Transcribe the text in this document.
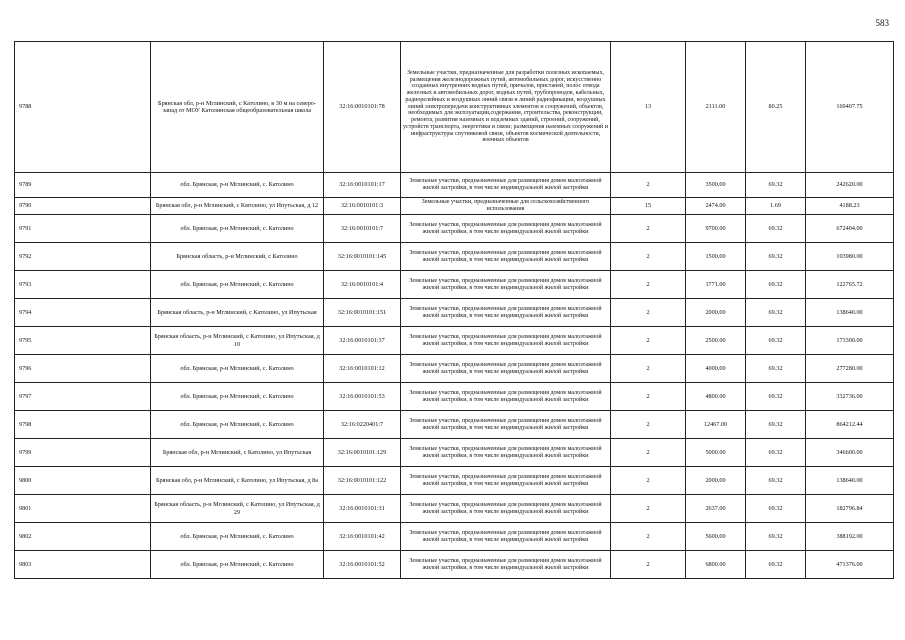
583
9788	Брянская обл, р-н Мглинский, с Католино, в 30 м на северо-запад от МОУ Католинская общеобразовательная школа	32:16:0010101:78	Земельные участки, предназначенные для разработки полезных ископаемых, размещения железнодорожных путей, автомобильных дорог, искусственно созданных внутренних водных путей, причалов, пристаней, полос отвода железных и автомобильных дорог, водных путей, трубопроводов, кабельных, радиорелейных и воздушных линий связи и линий радиофикации, воздушных линий электропередачи конструктивных элементов и сооружений, объектов, необходимых для эксплуатации,содержания, строительства, реконструкции, ремонта, развития наземных и подземных зданий, строений, сооружений, устройств транспорта, энергетики и связи; размещения наземных сооружений и инфраструктуры спутниковой связи, объектов космической деятельности, военных объектов	13	2111.00	80.25	169407.75
9789	обл. Брянская, р-н Мглинский, с. Католино	32:16:0010101:17	Земельные участки, предназначенные для размещения домов малоэтажной жилой застройки, в том числе индивидуальной жилой застройки	2	3500.00	69.32	242620.00
9790	Брянская обл, р-н Мглинский, с Католино, ул Ипутьская, д 12	32:16:0010101:3	Земельные участки, предназначенные для сельскохозяйственного использования	15	2474.00	1.69	4188.23
9791	обл. Брянская, р-н Мглинский, с. Католино	32:16:0010101:7	Земельные участки, предназначенные для размещения домов малоэтажной жилой застройки, в том числе индивидуальной жилой застройки	2	9700.00	69.32	672404.00
9792	Брянская область, р-н Мглинский, с Католино	32:16:0010101:145	Земельные участки, предназначенные для размещения домов малоэтажной жилой застройки, в том числе индивидуальной жилой застройки	2	1500.00	69.32	103980.00
9793	обл. Брянская, р-н Мглинский, с. Католино	32:16:0010101:4	Земельные участки, предназначенные для размещения домов малоэтажной жилой застройки, в том числе индивидуальной жилой застройки	2	1771.00	69.32	122765.72
9794	Брянская область, р-н Мглинский, с Католино, ул Ипутьская	32:16:0010101:151	Земельные участки, предназначенные для размещения домов малоэтажной жилой застройки, в том числе индивидуальной жилой застройки	2	2000.00	69.32	138640.00
9795	Брянская область, р-н Мглинский, с Католино, ул Ипутьская, д 10	32:16:0010101:37	Земельные участки, предназначенные для размещения домов малоэтажной жилой застройки, в том числе индивидуальной жилой застройки	2	2500.00	69.32	173300.00
9796	обл. Брянская, р-н Мглинский, с. Католино	32:16:0010101:12	Земельные участки, предназначенные для размещения домов малоэтажной жилой застройки, в том числе индивидуальной жилой застройки	2	4000.00	69.32	277280.00
9797	обл. Брянская, р-н Мглинский, с. Католино	32:16:0010101:53	Земельные участки, предназначенные для размещения домов малоэтажной жилой застройки, в том числе индивидуальной жилой застройки	2	4800.00	69.32	332736.00
9798	обл. Брянская, р-н Мглинский, с. Католино	32:16:0220401:7	Земельные участки, предназначенные для размещения домов малоэтажной жилой застройки, в том числе индивидуальной жилой застройки	2	12467.00	69.32	864212.44
9799	Брянская обл, р-н Мглинский, с Католино, ул Ипутьская	32:16:0010101:129	Земельные участки, предназначенные для размещения домов малоэтажной жилой застройки, в том числе индивидуальной жилой застройки	2	5000.00	69.32	346600.00
9800	Брянская обл, р-н Мглинский, с Католино, ул Ипутьская, д 8а	32:16:0010101:122	Земельные участки, предназначенные для размещения домов малоэтажной жилой застройки, в том числе индивидуальной жилой застройки	2	2000.00	69.32	138640.00
9801	Брянская область, р-н Мглинский, с Католино, ул Ипутьская, д 29	32:16:0010101:31	Земельные участки, предназначенные для размещения домов малоэтажной жилой застройки, в том числе индивидуальной жилой застройки	2	2637.00	69.32	182796.84
9802	обл. Брянская, р-н Мглинский, с. Католино	32:16:0010101:42	Земельные участки, предназначенные для размещения домов малоэтажной жилой застройки, в том числе индивидуальной жилой застройки	2	5600.00	69.32	388192.00
9803	обл. Брянская, р-н Мглинский, с. Католино	32:16:0010101:52	Земельные участки, предназначенные для размещения домов малоэтажной жилой застройки, в том числе индивидуальной жилой застройки	2	6800.00	69.32	471376.00
